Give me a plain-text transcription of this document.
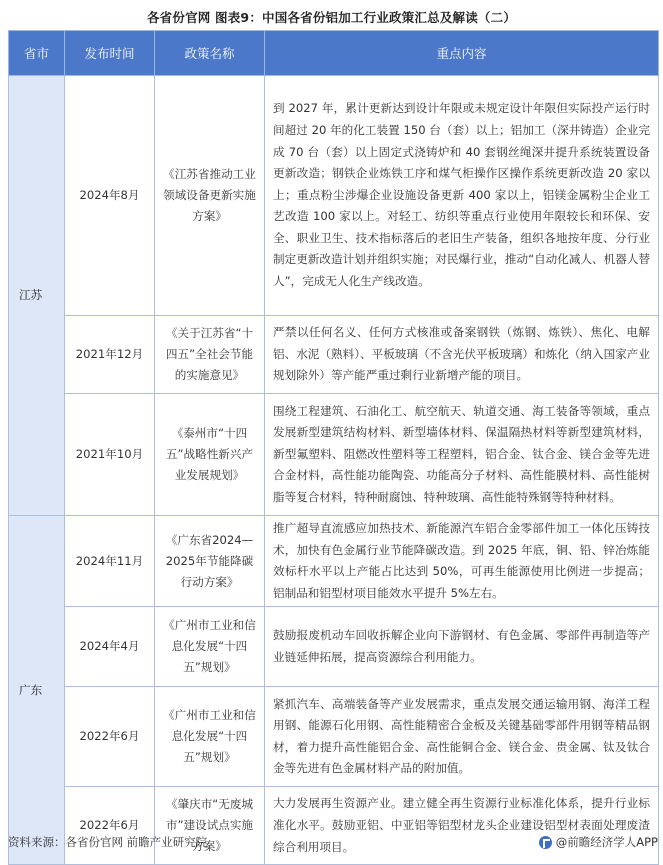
各省份官网 图表9：中国各省份铝加工行业政策汇总及解读（二）
省市	发布时间	政策名称	重点内容
江苏	2024年8月	《江苏省推动工业领域设备更新实施方案》	到 2027 年，累计更新达到设计年限或未规定设计年限但实际投产运行时间超过 20 年的化工装置 150 台（套）以上；铝加工（深井铸造）企业完成 70 台（套）以上固定式浇铸炉和 40 套钢丝绳深井提升系统装置设备更新改造；钢铁企业炼铁工序和煤气柜操作区操作系统更新改造 20 家以上；重点粉尘涉爆企业设施设备更新 400 家以上，铝镁金属粉尘企业工艺改造 100 家以上。对轻工、纺织等重点行业使用年限较长和环保、安全、职业卫生、技术指标落后的老旧生产装备，组织各地按年度、分行业制定更新改造计划并组织实施；对民爆行业，推动“自动化减人、机器人替人”，完成无人化生产线改造。
	2021年12月	《关于江苏省“十四五”全社会节能的实施意见》	严禁以任何名义、任何方式核准或备案钢铁（炼钢、炼铁）、焦化、电解铝、水泥（熟料）、平板玻璃（不含光伏平板玻璃）和炼化（纳入国家产业规划除外）等产能严重过剩行业新增产能的项目。
	2021年10月	《泰州市“十四五”战略性新兴产业发展规划》	围绕工程建筑、石油化工、航空航天、轨道交通、海工装备等领域，重点发展新型建筑结构材料、新型墙体材料、保温隔热材料等新型建筑材料，新型氟塑料、阻燃改性塑料等工程塑料，铝合金、钛合金、镁合金等先进合金材料，高性能功能陶瓷、功能高分子材料、高性能膜材料、高性能树脂等复合材料，特种耐腐蚀、特种玻璃、高性能特殊钢等特种材料。
广东	2024年11月	《广东省2024—2025年节能降碳行动方案》	推广超导直流感应加热技术、新能源汽车铝合金零部件加工一体化压铸技术，加快有色金属行业节能降碳改造。到 2025 年底，铜、铅、锌冶炼能效标杆水平以上产能占比达到 50%，可再生能源使用比例进一步提高；铝制品和铝型材项目能效水平提升 5%左右。
	2024年4月	《广州市工业和信息化发展“十四五”规划》	鼓励报废机动车回收拆解企业向下游钢材、有色金属、零部件再制造等产业链延伸拓展，提高资源综合利用能力。
	2022年6月	《广州市工业和信息化发展“十四五”规划》	紧抓汽车、高端装备等产业发展需求，重点发展交通运输用钢、海洋工程用钢、能源石化用钢、高性能精密合金板及关键基础零部件用钢等精品钢材，着力提升高性能铝合金、高性能铜合金、镁合金、贵金属、钛及钛合金等先进有色金属材料产品的附加值。
	2022年6月	《肇庆市“无废城市”建设试点实施方案》	大力发展再生资源产业。建立健全再生资源行业标准化体系，提升行业标准化水平。鼓励亚铝、中亚铝等铝型材龙头企业建设铝型材表面处理废渣综合利用项目。
资料来源：各省份官网 前瞻产业研究院	@前瞻经济学人APP
